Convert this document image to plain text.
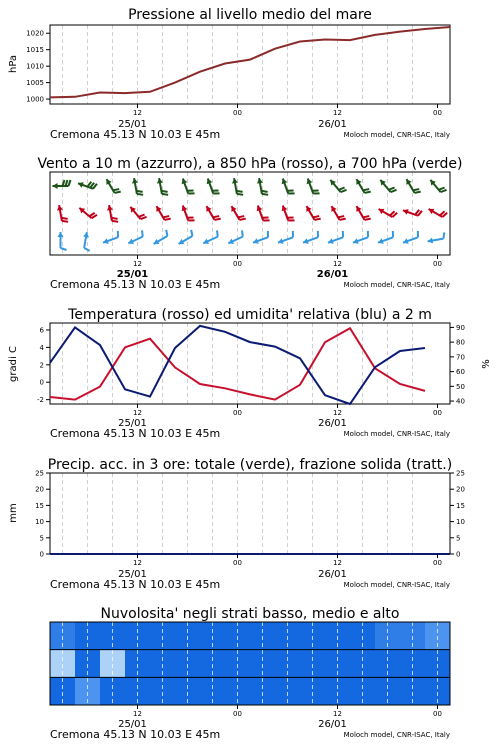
Pressione al livello medio del mare
hPa
1000
1005
1010
1015
1020
12	00	12	00
Vento a 10 m (azzurro), a 850 hPa (rosso), a 700 hPa (verde)
12	00	12	00
Temperatura (rosso) ed umidita' relativa (blu) a 2 m
gradi C	%
-2
0
2
4
6
40
50
60
70
80
90
12	00	12	00
Precip. acc. in 3 ore: totale (verde), frazione solida (tratt.)
mm
0
5
10
15
20
25
0
5
10
15
20
25
12	00	12	00
Nuvolosita' negli strati basso, medio e alto
12	00	12	00
25/01	26/01
Cremona 45.13 N 10.03 E 45m	Moloch model, CNR-ISAC, Italy
25/01	26/01
Cremona 45.13 N 10.03 E 45m	Moloch model, CNR-ISAC, Italy
25/01	26/01
Cremona 45.13 N 10.03 E 45m	Moloch model, CNR-ISAC, Italy
25/01	26/01
Cremona 45.13 N 10.03 E 45m	Moloch model, CNR-ISAC, Italy
25/01	26/01
Cremona 45.13 N 10.03 E 45m	Moloch model, CNR-ISAC, Italy
